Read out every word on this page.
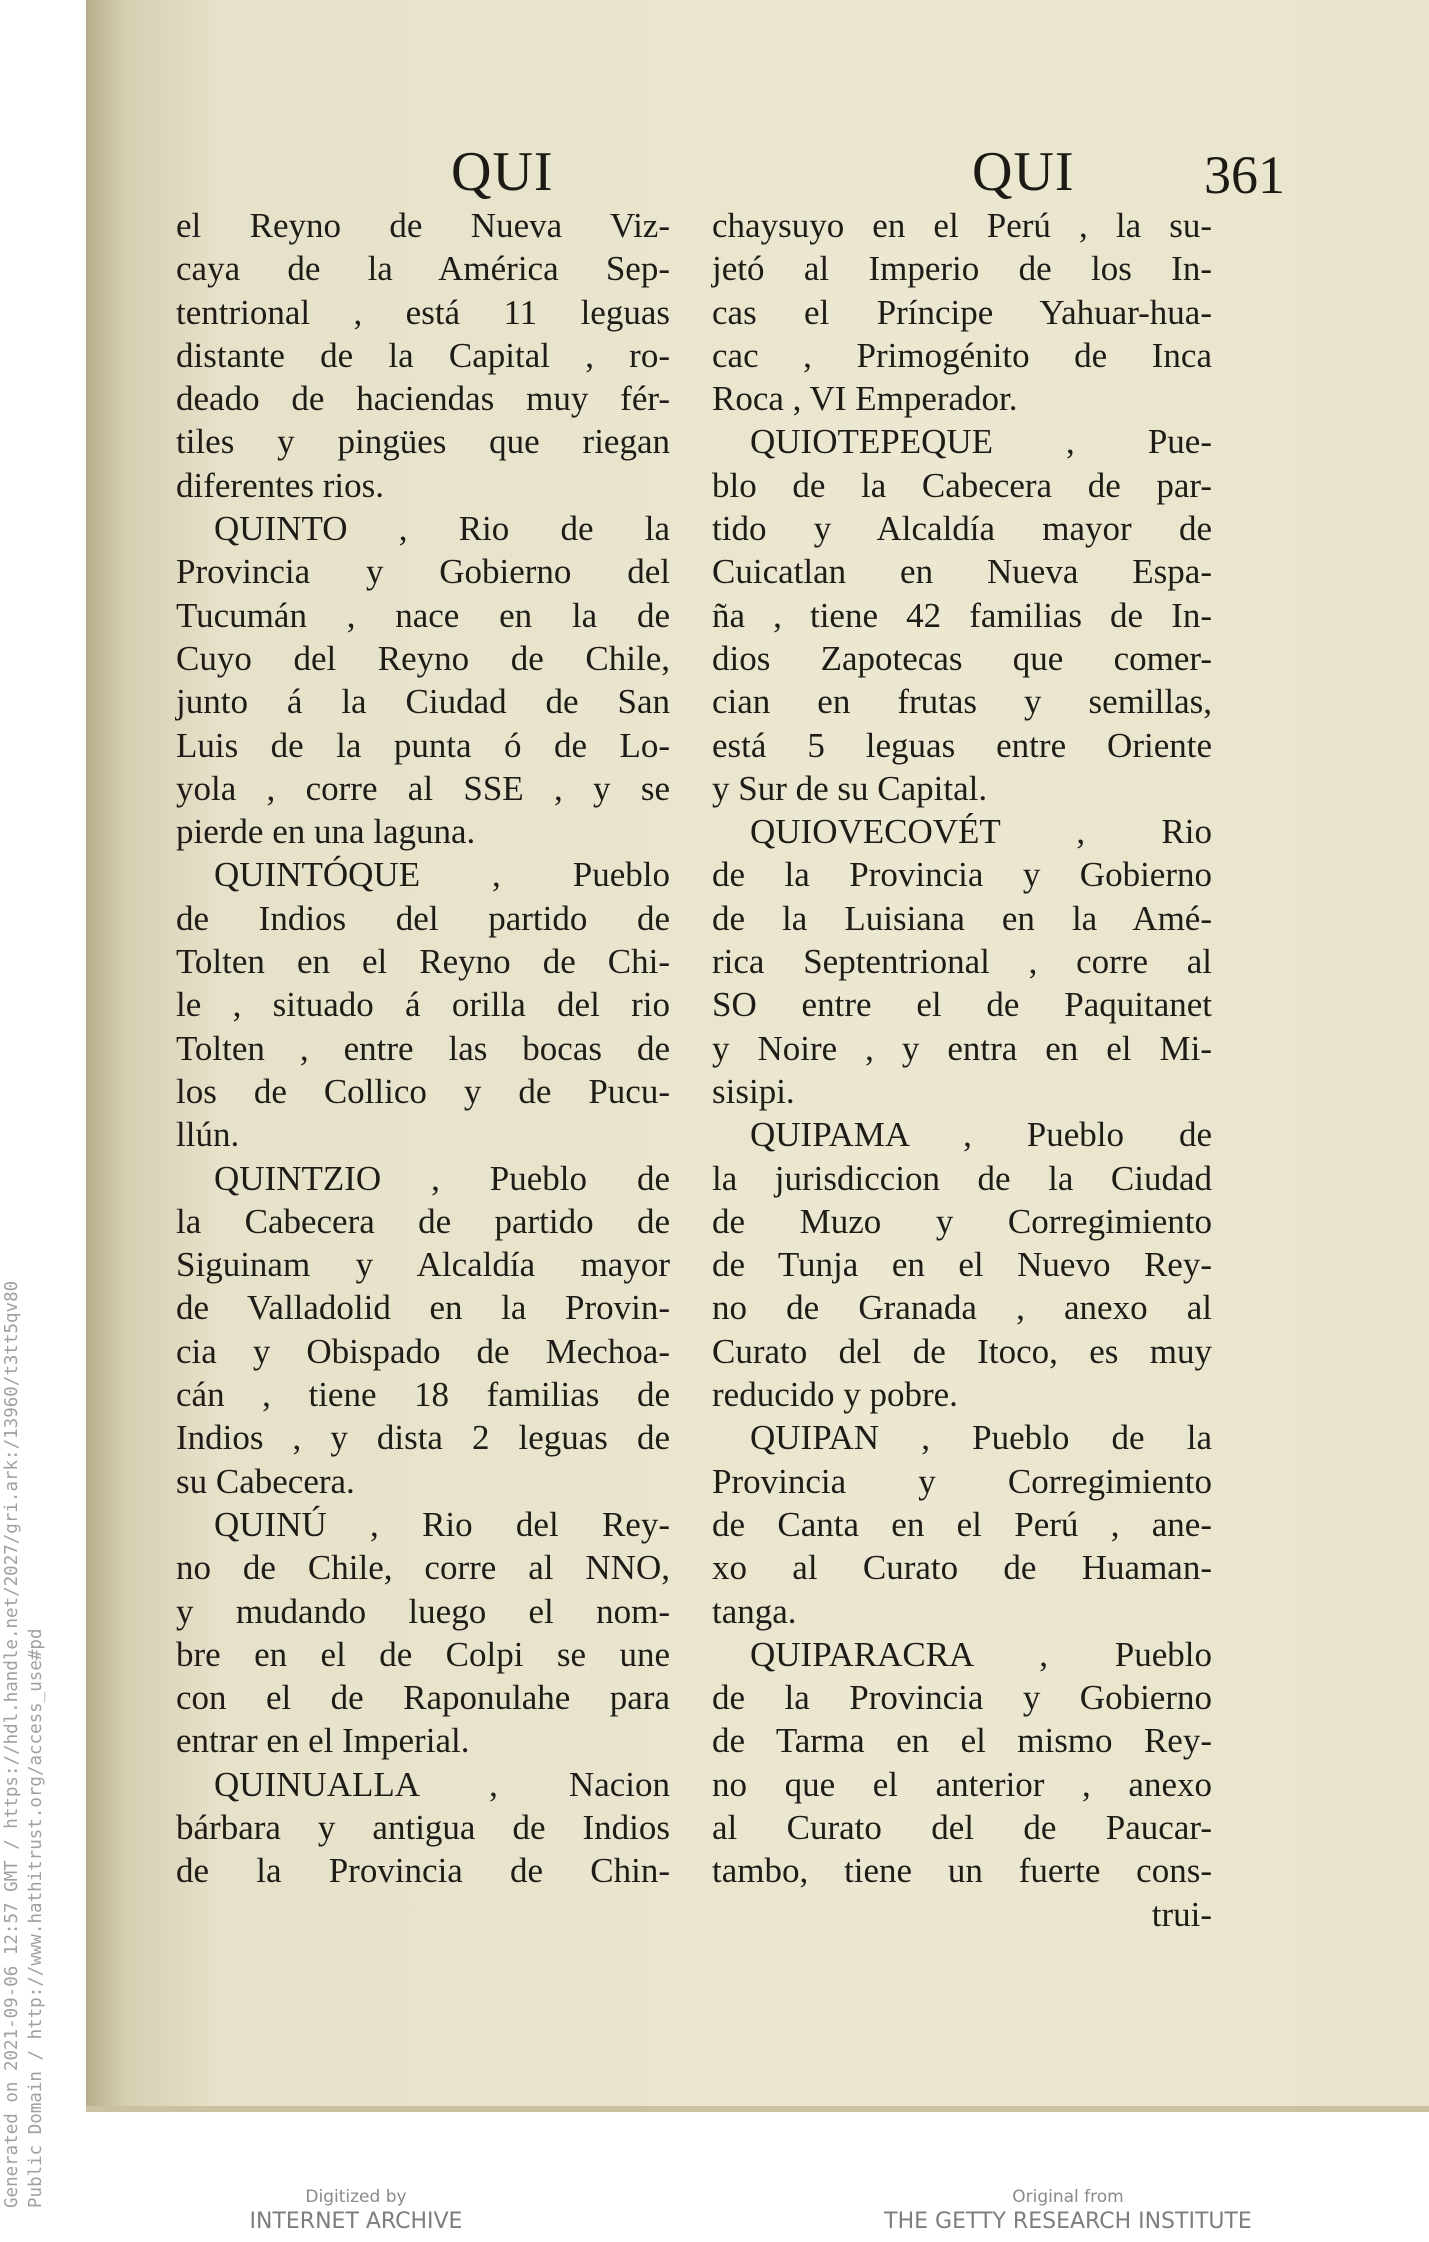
QUI	QUI 361
el Reyno de Nueva Viz-
caya de la América Sep-
tentrional , está 11 leguas
distante de la Capital , ro-
deado de haciendas muy fér-
tiles y pingües que riegan
diferentes rios.
QUINTO , Rio de la
Provincia y Gobierno del
Tucumán , nace en la de
Cuyo del Reyno de Chile,
junto á la Ciudad de San
Luis de la punta ó de Lo-
yola , corre al SSE , y se
pierde en una laguna.
QUINTÓQUE , Pueblo
de Indios del partido de
Tolten en el Reyno de Chi-
le , situado á orilla del rio
Tolten , entre las bocas de
los de Collico y de Pucu-
llún.
QUINTZIO , Pueblo de
la Cabecera de partido de
Siguinam y Alcaldía mayor
de Valladolid en la Provin-
cia y Obispado de Mechoa-
cán , tiene 18 familias de
Indios , y dista 2 leguas de
su Cabecera.
QUINÚ , Rio del Rey-
no de Chile, corre al NNO,
y mudando luego el nom-
bre en el de Colpi se une
con el de Raponulahe para
entrar en el Imperial.
QUINUALLA , Nacion
bárbara y antigua de Indios
de la Provincia de Chin-
chaysuyo en el Perú , la su-
jetó al Imperio de los In-
cas el Príncipe Yahuar-hua-
cac , Primogénito de Inca
Roca , VI Emperador.
QUIOTEPEQUE , Pue-
blo de la Cabecera de par-
tido y Alcaldía mayor de
Cuicatlan en Nueva Espa-
ña , tiene 42 familias de In-
dios Zapotecas que comer-
cian en frutas y semillas,
está 5 leguas entre Oriente
y Sur de su Capital.
QUIOVECOVÉT , Rio
de la Provincia y Gobierno
de la Luisiana en la Amé-
rica Septentrional , corre al
SO entre el de Paquitanet
y Noire , y entra en el Mi-
sisipi.
QUIPAMA , Pueblo de
la jurisdiccion de la Ciudad
de Muzo y Corregimiento
de Tunja en el Nuevo Rey-
no de Granada , anexo al
Curato del de Itoco, es muy
reducido y pobre.
QUIPAN , Pueblo de la
Provincia y Corregimiento
de Canta en el Perú , ane-
xo al Curato de Huaman-
tanga.
QUIPARACRA , Pueblo
de la Provincia y Gobierno
de Tarma en el mismo Rey-
no que el anterior , anexo
al Curato del de Paucar-
tambo, tiene un fuerte cons-
trui-
Generated on 2021-09-06 12:57 GMT / https://hdl.handle.net/2027/gri.ark:/13960/t3tt5qv80 Public Domain / http://www.hathitrust.org/access_use#pd	Digitized by
INTERNET ARCHIVE
Original from
THE GETTY RESEARCH INSTITUTE
